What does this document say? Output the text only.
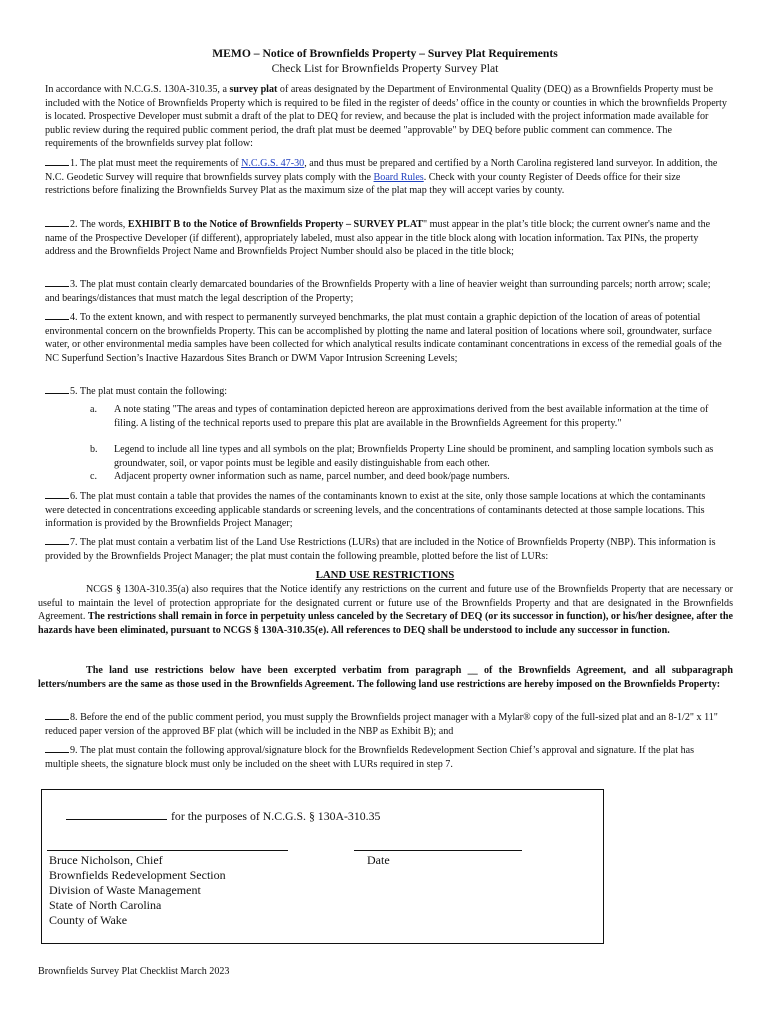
MEMO – Notice of Brownfields Property – Survey Plat Requirements
Check List for Brownfields Property Survey Plat
In accordance with N.C.G.S. 130A-310.35, a survey plat of areas designated by the Department of Environmental Quality (DEQ) as a Brownfields Property must be included with the Notice of Brownfields Property which is required to be filed in the register of deeds’ office in the county or counties in which the brownfields Property is located. Prospective Developer must submit a draft of the plat to DEQ for review, and because the plat is included with the project information made available for public review during the required public comment period, the draft plat must be deemed "approvable" by DEQ before public comment can commence. The requirements of the brownfields survey plat follow:
1. The plat must meet the requirements of N.C.G.S. 47-30, and thus must be prepared and certified by a North Carolina registered land surveyor. In addition, the N.C. Geodetic Survey will require that brownfields survey plats comply with the Board Rules. Check with your county Register of Deeds office for their size restrictions before finalizing the Brownfields Survey Plat as the maximum size of the plat map they will accept varies by county.
2. The words, EXHIBIT B to the Notice of Brownfields Property – SURVEY PLAT" must appear in the plat’s title block; the current owner's name and the name of the Prospective Developer (if different), appropriately labeled, must also appear in the title block along with location information. Tax PINs, the property address and the Brownfields Project Name and Brownfields Project Number should also be placed in the title block;
3. The plat must contain clearly demarcated boundaries of the Brownfields Property with a line of heavier weight than surrounding parcels; north arrow; scale; and bearings/distances that must match the legal description of the Property;
4. To the extent known, and with respect to permanently surveyed benchmarks, the plat must contain a graphic depiction of the location of areas of potential environmental concern on the brownfields Property. This can be accomplished by plotting the name and lateral position of locations where soil, groundwater, surface water, or other environmental media samples have been collected for which analytical results indicate contaminant concentrations in excess of the remedial goals of the NC Superfund Section’s Inactive Hazardous Sites Branch or DWM Vapor Intrusion Screening Levels;
5. The plat must contain the following:
a. A note stating "The areas and types of contamination depicted hereon are approximations derived from the best available information at the time of filing. A listing of the technical reports used to prepare this plat are available in the Brownfields Agreement for this property."
b. Legend to include all line types and all symbols on the plat; Brownfields Property Line should be prominent, and sampling location symbols such as groundwater, soil, or vapor points must be legible and easily distinguishable from each other.
c. Adjacent property owner information such as name, parcel number, and deed book/page numbers.
6. The plat must contain a table that provides the names of the contaminants known to exist at the site, only those sample locations at which the contaminants were detected in concentrations exceeding applicable standards or screening levels, and the concentrations of contaminants detected at those sample locations. This information is provided by the Brownfields Project Manager;
7. The plat must contain a verbatim list of the Land Use Restrictions (LURs) that are included in the Notice of Brownfields Property (NBP). This information is provided by the Brownfields Project Manager; the plat must contain the following preamble, plotted before the list of LURs:
LAND USE RESTRICTIONS
NCGS § 130A-310.35(a) also requires that the Notice identify any restrictions on the current and future use of the Brownfields Property that are necessary or useful to maintain the level of protection appropriate for the designated current or future use of the Brownfields Property and that are designated in the Brownfields Agreement. The restrictions shall remain in force in perpetuity unless canceled by the Secretary of DEQ (or its successor in function), or his/her designee, after the hazards have been eliminated, pursuant to NCGS § 130A-310.35(e). All references to DEQ shall be understood to include any successor in function.
The land use restrictions below have been excerpted verbatim from paragraph __ of the Brownfields Agreement, and all subparagraph letters/numbers are the same as those used in the Brownfields Agreement. The following land use restrictions are hereby imposed on the Brownfields Property:
8. Before the end of the public comment period, you must supply the Brownfields project manager with a Mylar® copy of the full-sized plat and an 8-1/2" x 11" reduced paper version of the approved BF plat (which will be included in the NBP as Exhibit B); and
9. The plat must contain the following approval/signature block for the Brownfields Redevelopment Section Chief’s approval and signature. If the plat has multiple sheets, the signature block must only be included on the sheet with LURs required in step 7.
for the purposes of N.C.G.S. § 130A-310.35
Date
Bruce Nicholson, Chief
Brownfields Redevelopment Section
Division of Waste Management
State of North Carolina
County of Wake
Brownfields Survey Plat Checklist March 2023
